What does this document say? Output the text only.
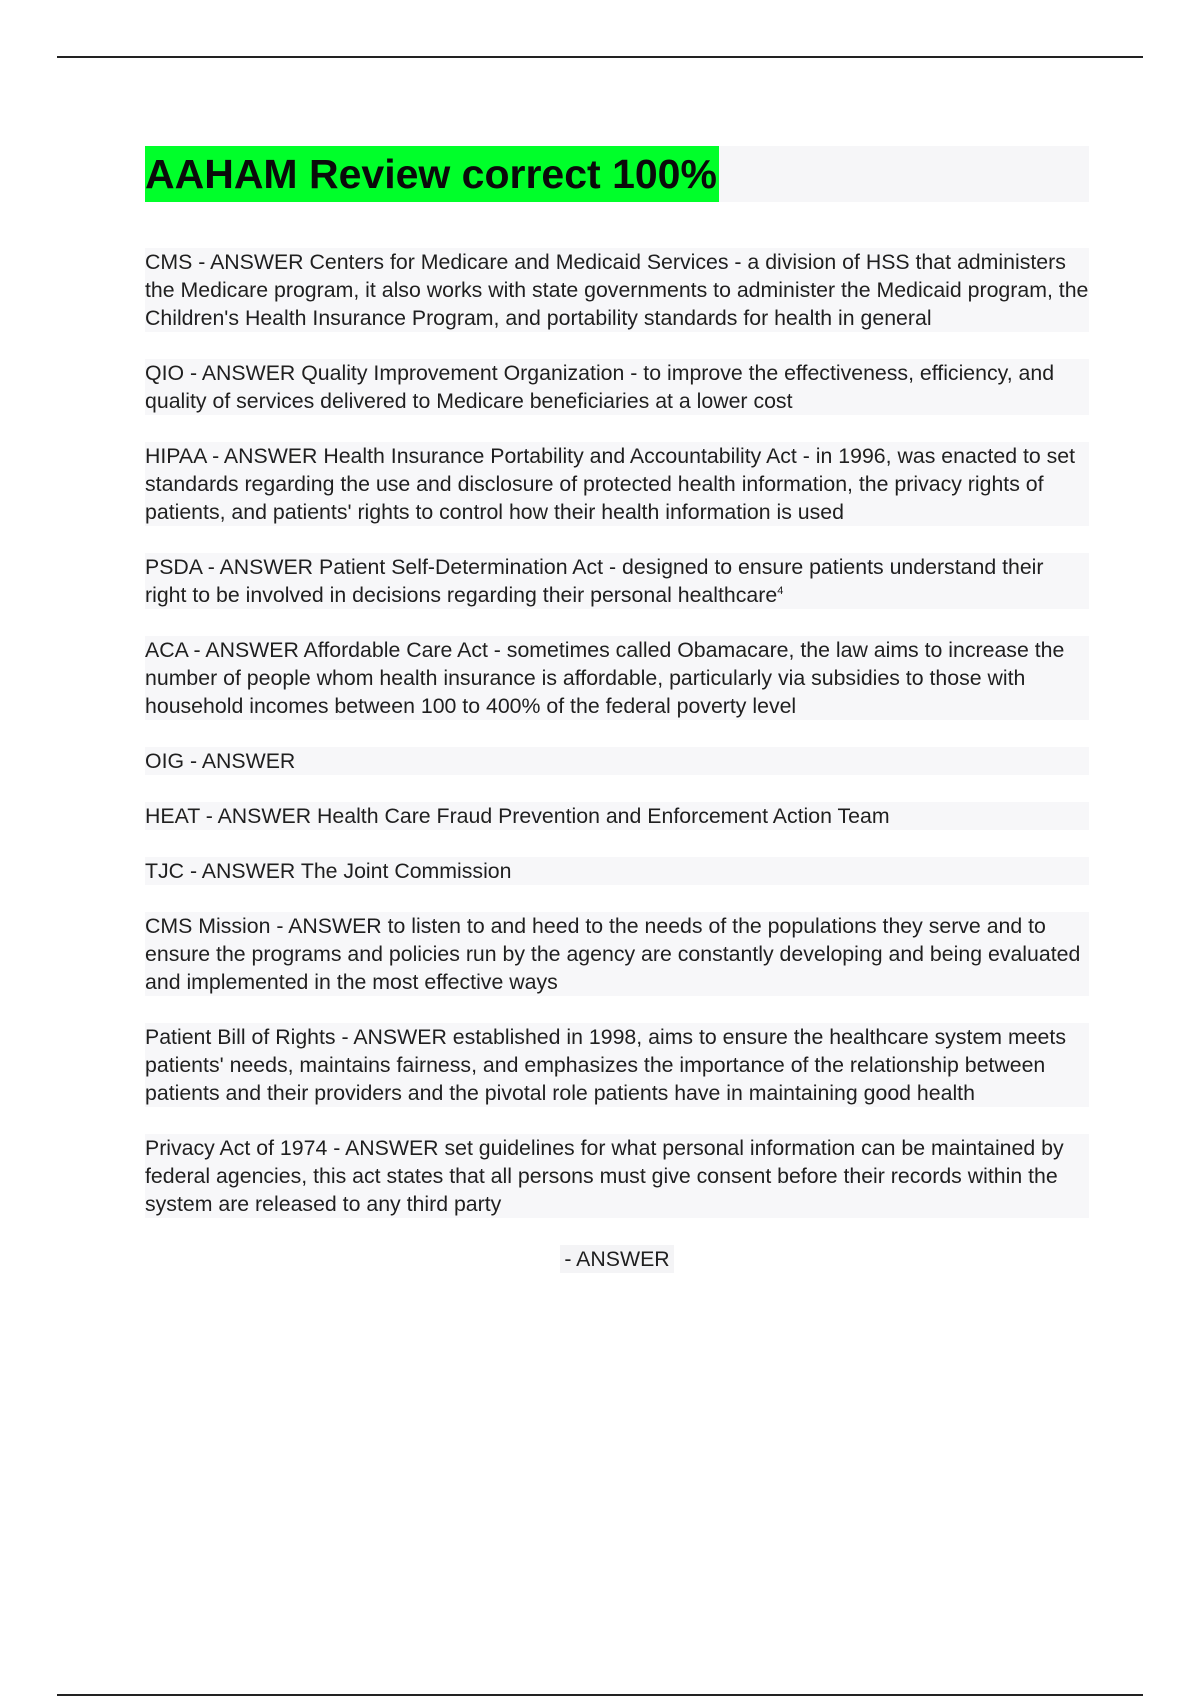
AAHAM Review correct 100%

CMS - ANSWER Centers for Medicare and Medicaid Services - a division of HSS that administers the Medicare program, it also works with state governments to administer the Medicaid program, the Children's Health Insurance Program, and portability standards for health in general

QIO - ANSWER Quality Improvement Organization - to improve the effectiveness, efficiency, and quality of services delivered to Medicare beneficiaries at a lower cost

HIPAA - ANSWER Health Insurance Portability and Accountability Act - in 1996, was enacted to set standards regarding the use and disclosure of protected health information, the privacy rights of patients, and patients' rights to control how their health information is used

PSDA - ANSWER Patient Self-Determination Act - designed to ensure patients understand their right to be involved in decisions regarding their personal healthcare$^4$

ACA - ANSWER Affordable Care Act - sometimes called Obamacare, the law aims to increase the number of people whom health insurance is affordable, particularly via subsidies to those with household incomes between 100 to 400% of the federal poverty level

OIG - ANSWER

HEAT - ANSWER Health Care Fraud Prevention and Enforcement Action Team

TJC - ANSWER The Joint Commission

CMS Mission - ANSWER to listen to and heed to the needs of the populations they serve and to ensure the programs and policies run by the agency are constantly developing and being evaluated and implemented in the most effective ways

Patient Bill of Rights - ANSWER established in 1998, aims to ensure the healthcare system meets patients' needs, maintains fairness, and emphasizes the importance of the relationship between patients and their providers and the pivotal role patients have in maintaining good health

Privacy Act of 1974 - ANSWER set guidelines for what personal information can be maintained by federal agencies, this act states that all persons must give consent before their records within the system are released to any third party

- ANSWER
